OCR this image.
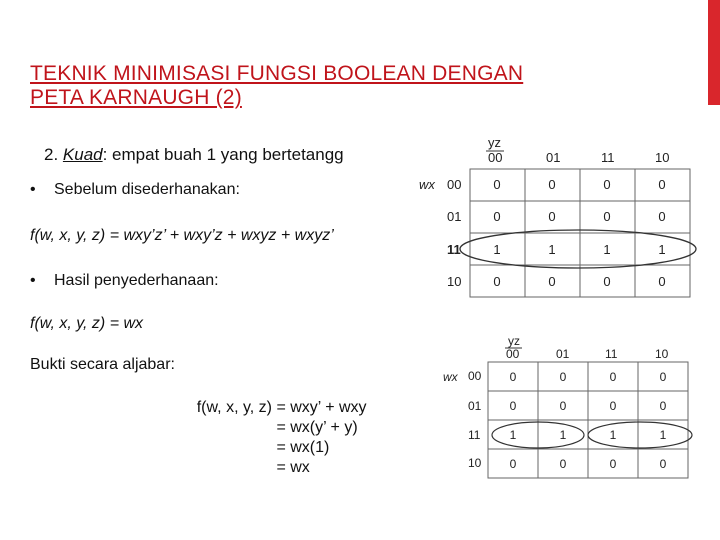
TEKNIK MINIMISASI FUNGSI BOOLEAN DENGAN
PETA KARNAUGH (2)
2. Kuad: empat buah 1 yang bertetangg
• Sebelum disederhanakan:
f(w, x, y, z) = wxy’z’ + wxy’z + wxyz + wxyz’
• Hasil penyederhanaan:
f(w, x, y, z) = wx
Bukti secara aljabar:
f(w, x, y, z) = wxy’ + wxy
= wx(y’ + y)
= wx(1)
= wx
yz
00	01	11	10
wx 00
01
11
10
0	0	0	0
0	0	0	0
1	1	1	1
0	0	0	0
yz
00	01	11	10
wx 00
01
11
10
0	0	0	0
0	0	0	0
1	1	1	1
0	0	0	0
